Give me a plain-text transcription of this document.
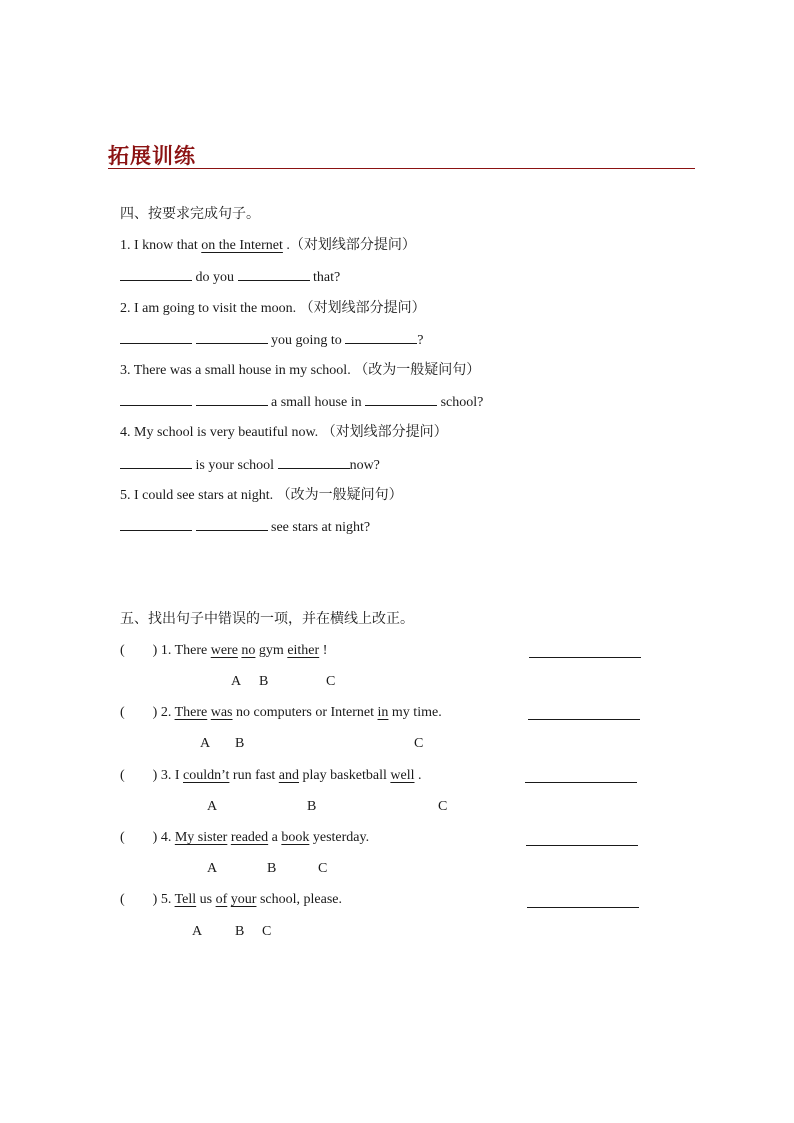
拓展训练
四、按要求完成句子。
1. I know that on the Internet .（对划线部分提问）
do you	that?
2. I am going to visit the moon. （对划线部分提问）
you going to	?
3. There was a small house in my school. （改为一般疑问句）
a small house in	school?
4. My school is very beautiful now. （对划线部分提问）
is your school	now?
5. I could see stars at night. （改为一般疑问句）
see stars at night?
五、找出句子中错误的一项，并在横线上改正。
(        ) 1. There were no gym either !
A B	C
(        ) 2. There was no computers or Internet in my time.
A B	C
(        ) 3. I couldn’t run fast and play basketball well .
A	B	C
(        ) 4. My sister readed a book yesterday.
A	B	C
(        ) 5. Tell us of your school, please.
A B C
